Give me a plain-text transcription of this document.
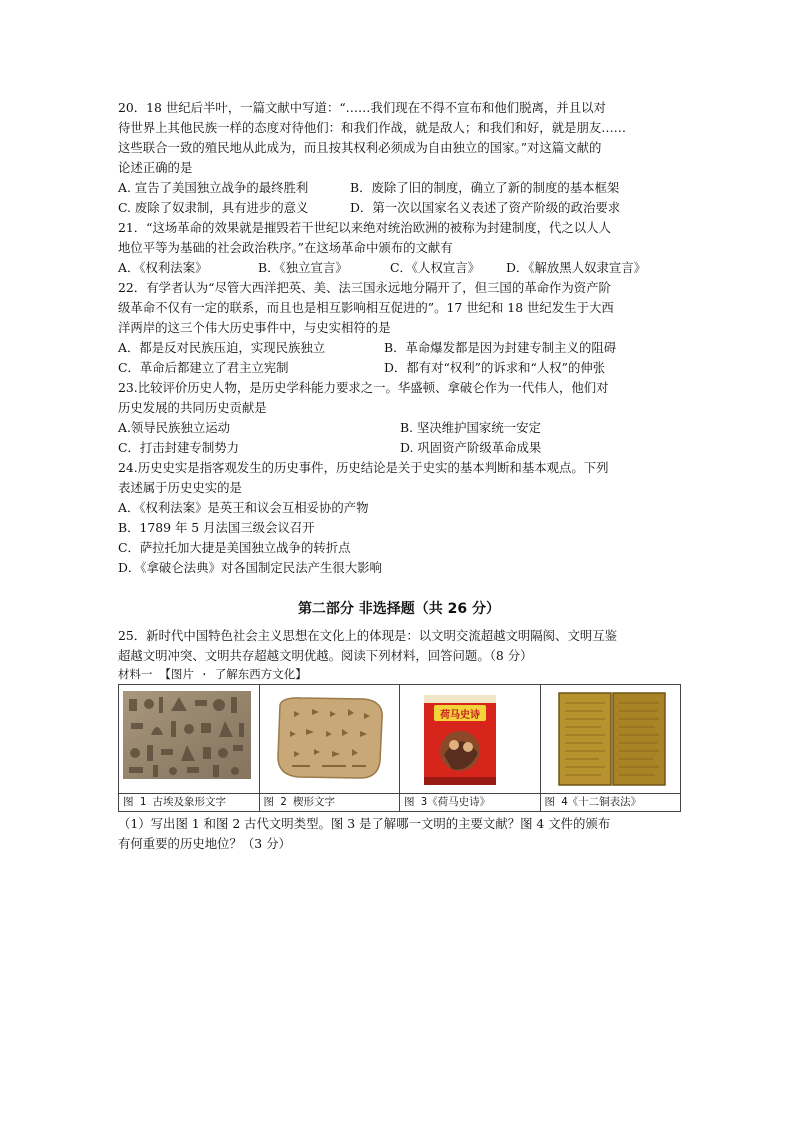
20．18 世纪后半叶，一篇文献中写道：“……我们现在不得不宣布和他们脱离，并且以对
待世界上其他民族一样的态度对待他们：和我们作战，就是敌人；和我们和好，就是朋友……
这些联合一致的殖民地从此成为，而且按其权利必须成为自由独立的国家。”对这篇文献的
论述正确的是
A. 宣告了美国独立战争的最终胜利	B．废除了旧的制度，确立了新的制度的基本框架
C. 废除了奴隶制，具有进步的意义	D．第一次以国家名义表述了资产阶级的政治要求
21．“这场革命的效果就是摧毁若干世纪以来绝对统治欧洲的被称为封建制度，代之以人人
地位平等为基础的社会政治秩序。”在这场革命中颁布的文献有
A．《权利法案》	B．《独立宣言》	C．《人权宣言》	D．《解放黑人奴隶宣言》
22．有学者认为“尽管大西洋把英、美、法三国永远地分隔开了，但三国的革命作为资产阶
级革命不仅有一定的联系，而且也是相互影响相互促进的”。17 世纪和 18 世纪发生于大西
洋两岸的这三个伟大历史事件中，与史实相符的是
A．都是反对民族压迫，实现民族独立	B．革命爆发都是因为封建专制主义的阻碍
C．革命后都建立了君主立宪制	D．都有对“权利”的诉求和“人权”的伸张
23.比较评价历史人物，是历史学科能力要求之一。华盛顿、拿破仑作为一代伟人，他们对
历史发展的共同历史贡献是
A.领导民族独立运动	B. 坚决维护国家统一安定
C．打击封建专制势力	D. 巩固资产阶级革命成果
24.历史史实是指客观发生的历史事件，历史结论是关于史实的基本判断和基本观点。下列
表述属于历史史实的是
A．《权利法案》是英王和议会互相妥协的产物
B．1789 年 5 月法国三级会议召开
C．萨拉托加大捷是美国独立战争的转折点
D．《拿破仑法典》对各国制定民法产生很大影响
第二部分 非选择题（共 26 分）
25．新时代中国特色社会主义思想在文化上的体现是：以文明交流超越文明隔阂、文明互鉴
超越文明冲突、文明共存超越文明优越。阅读下列材料，回答问题。（8 分）
材料一 【图片 · 了解东西方文化】

荷马史诗

图 1 古埃及象形文字	图 2 楔形文字	图 3《荷马史诗》	图 4《十二铜表法》
（1）写出图 1 和图 2 古代文明类型。图 3 是了解哪一文明的主要文献？图 4 文件的颁布
有何重要的历史地位？（3 分）
